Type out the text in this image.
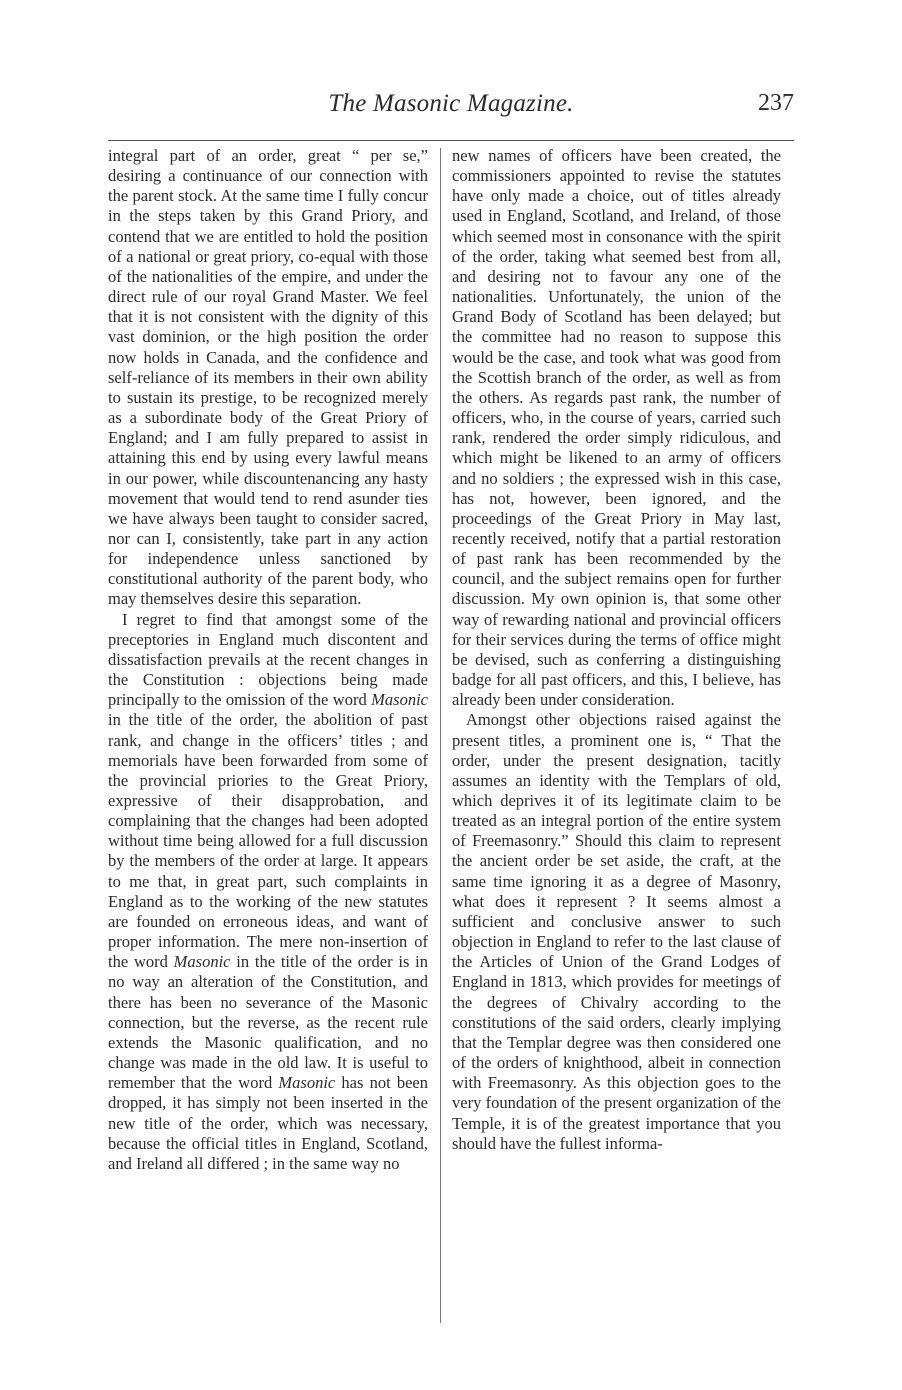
The Masonic Magazine.	237

integral part of an order, great “ per se,” desiring a continuance of our connection with the parent stock. At the same time I fully concur in the steps taken by this Grand Priory, and contend that we are entitled to hold the position of a national or great priory, co-equal with those of the nationalities of the empire, and under the direct rule of our royal Grand Master. We feel that it is not consistent with the dignity of this vast dominion, or the high position the order now holds in Canada, and the confidence and self-reliance of its members in their own ability to sustain its prestige, to be recognized merely as a subordinate body of the Great Priory of England; and I am fully prepared to assist in attaining this end by using every lawful means in our power, while discountenancing any hasty movement that would tend to rend asunder ties we have always been taught to consider sacred, nor can I, consistently, take part in any action for independence unless sanctioned by constitutional authority of the parent body, who may themselves desire this separation.

I regret to find that amongst some of the preceptories in England much discontent and dissatisfaction prevails at the recent changes in the Constitution : objections being made principally to the omission of the word Masonic in the title of the order, the abolition of past rank, and change in the officers’ titles ; and memorials have been forwarded from some of the provincial priories to the Great Priory, expressive of their disapprobation, and complaining that the changes had been adopted without time being allowed for a full discussion by the members of the order at large. It appears to me that, in great part, such complaints in England as to the working of the new statutes are founded on erroneous ideas, and want of proper information. The mere non-insertion of the word Masonic in the title of the order is in no way an alteration of the Constitution, and there has been no severance of the Masonic connection, but the reverse, as the recent rule extends the Masonic qualification, and no change was made in the old law. It is useful to remember that the word Masonic has not been dropped, it has simply not been inserted in the new title of the order, which was necessary, because the official titles in England, Scotland, and Ireland all differed ; in the same way no

new names of officers have been created, the commissioners appointed to revise the statutes have only made a choice, out of titles already used in England, Scotland, and Ireland, of those which seemed most in consonance with the spirit of the order, taking what seemed best from all, and desiring not to favour any one of the nationalities. Unfortunately, the union of the Grand Body of Scotland has been delayed; but the committee had no reason to suppose this would be the case, and took what was good from the Scottish branch of the order, as well as from the others. As regards past rank, the number of officers, who, in the course of years, carried such rank, rendered the order simply ridiculous, and which might be likened to an army of officers and no soldiers ; the expressed wish in this case, has not, however, been ignored, and the proceedings of the Great Priory in May last, recently received, notify that a partial restoration of past rank has been recommended by the council, and the subject remains open for further discussion. My own opinion is, that some other way of rewarding national and provincial officers for their services during the terms of office might be devised, such as conferring a distinguishing badge for all past officers, and this, I believe, has already been under consideration.

Amongst other objections raised against the present titles, a prominent one is, “ That the order, under the present designation, tacitly assumes an identity with the Templars of old, which deprives it of its legitimate claim to be treated as an integral portion of the entire system of Freemasonry.” Should this claim to represent the ancient order be set aside, the craft, at the same time ignoring it as a degree of Masonry, what does it represent ? It seems almost a sufficient and conclusive answer to such objection in England to refer to the last clause of the Articles of Union of the Grand Lodges of England in 1813, which provides for meetings of the degrees of Chivalry according to the constitutions of the said orders, clearly implying that the Templar degree was then considered one of the orders of knighthood, albeit in connection with Freemasonry. As this objection goes to the very foundation of the present organization of the Temple, it is of the greatest importance that you should have the fullest informa-
